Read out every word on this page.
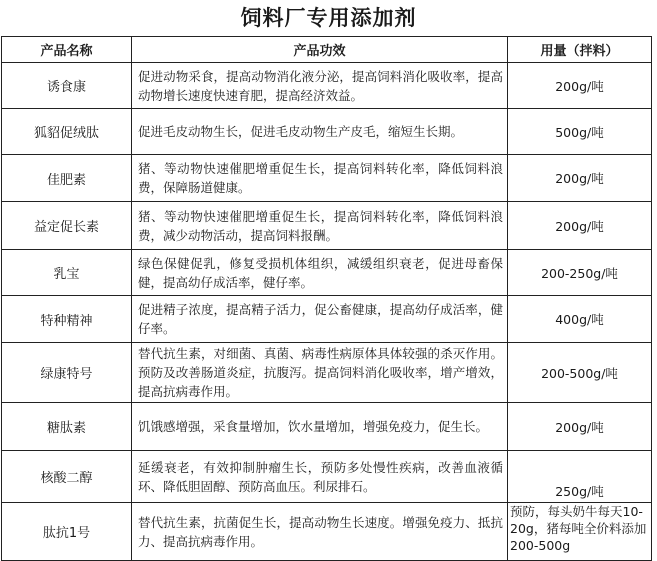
饲料厂专用添加剂
产品名称	产品功效	用量（拌料）
诱食康	促进动物采食，提高动物消化液分泌，提高饲料消化吸收率，提高动物增长速度快速育肥，提高经济效益。	200g/吨
狐貂促绒肽	促进毛皮动物生长，促进毛皮动物生产皮毛，缩短生长期。	500g/吨
佳肥素	猪、等动物快速催肥增重促生长，提高饲料转化率，降低饲料浪费，保障肠道健康。	200g/吨
益定促长素	猪、等动物快速催肥增重促生长，提高饲料转化率，降低饲料浪费，减少动物活动，提高饲料报酬。	200g/吨
乳宝	绿色保健促乳，修复受损机体组织，减缓组织衰老，促进母畜保健，提高幼仔成活率，健仔率。	200-250g/吨
特种精神	促进精子浓度，提高精子活力，促公畜健康，提高幼仔成活率，健仔率。	400g/吨
绿康特号	替代抗生素，对细菌、真菌、病毒性病原体具体较强的杀灭作用。预防及改善肠道炎症，抗腹泻。提高饲料消化吸收率，增产增效，提高抗病毒作用。	200-500g/吨
糖肽素	饥饿感增强，采食量增加，饮水量增加，增强免疫力，促生长。	200g/吨
核酸二醇	延缓衰老，有效抑制肿瘤生长，预防多处慢性疾病，改善血液循环、降低胆固醇、预防高血压。利尿排石。	250g/吨
肽抗1号	替代抗生素，抗菌促生长，提高动物生长速度。增强免疫力、抵抗力、提高抗病毒作用。	预防，每头奶牛每天10-20g，猪每吨全价料添加200-500g
